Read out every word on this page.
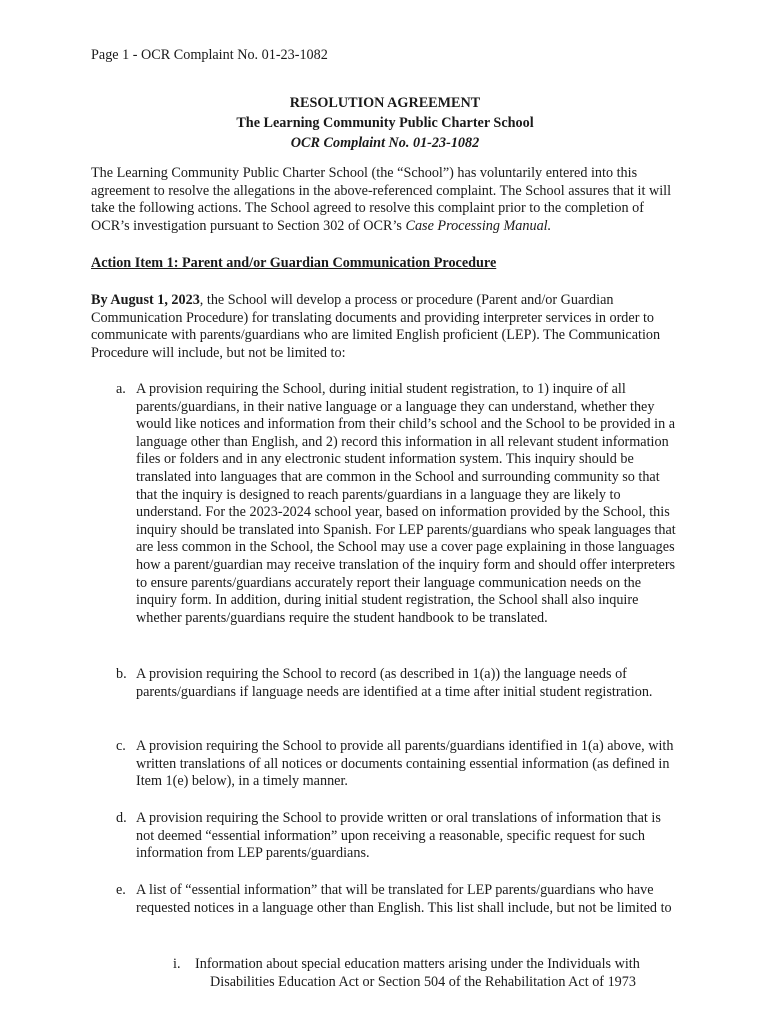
Page 1 - OCR Complaint No. 01-23-1082
RESOLUTION AGREEMENT
The Learning Community Public Charter School
OCR Complaint No. 01-23-1082
The Learning Community Public Charter School (the “School”) has voluntarily entered into this agreement to resolve the allegations in the above-referenced complaint. The School assures that it will take the following actions. The School agreed to resolve this complaint prior to the completion of OCR’s investigation pursuant to Section 302 of OCR’s Case Processing Manual.
Action Item 1: Parent and/or Guardian Communication Procedure
By August 1, 2023, the School will develop a process or procedure (Parent and/or Guardian Communication Procedure) for translating documents and providing interpreter services in order to communicate with parents/guardians who are limited English proficient (LEP). The Communication Procedure will include, but not be limited to:
a. A provision requiring the School, during initial student registration, to 1) inquire of all parents/guardians, in their native language or a language they can understand, whether they would like notices and information from their child’s school and the School to be provided in a language other than English, and 2) record this information in all relevant student information files or folders and in any electronic student information system. This inquiry should be translated into languages that are common in the School and surrounding community so that that the inquiry is designed to reach parents/guardians in a language they are likely to understand. For the 2023-2024 school year, based on information provided by the School, this inquiry should be translated into Spanish. For LEP parents/guardians who speak languages that are less common in the School, the School may use a cover page explaining in those languages how a parent/guardian may receive translation of the inquiry form and should offer interpreters to ensure parents/guardians accurately report their language communication needs on the inquiry form. In addition, during initial student registration, the School shall also inquire whether parents/guardians require the student handbook to be translated.
b. A provision requiring the School to record (as described in 1(a)) the language needs of parents/guardians if language needs are identified at a time after initial student registration.
c. A provision requiring the School to provide all parents/guardians identified in 1(a) above, with written translations of all notices or documents containing essential information (as defined in Item 1(e) below), in a timely manner.
d. A provision requiring the School to provide written or oral translations of information that is not deemed “essential information” upon receiving a reasonable, specific request for such information from LEP parents/guardians.
e. A list of “essential information” that will be translated for LEP parents/guardians who have requested notices in a language other than English. This list shall include, but not be limited to
i. Information about special education matters arising under the Individuals with
Disabilities Education Act or Section 504 of the Rehabilitation Act of 1973
